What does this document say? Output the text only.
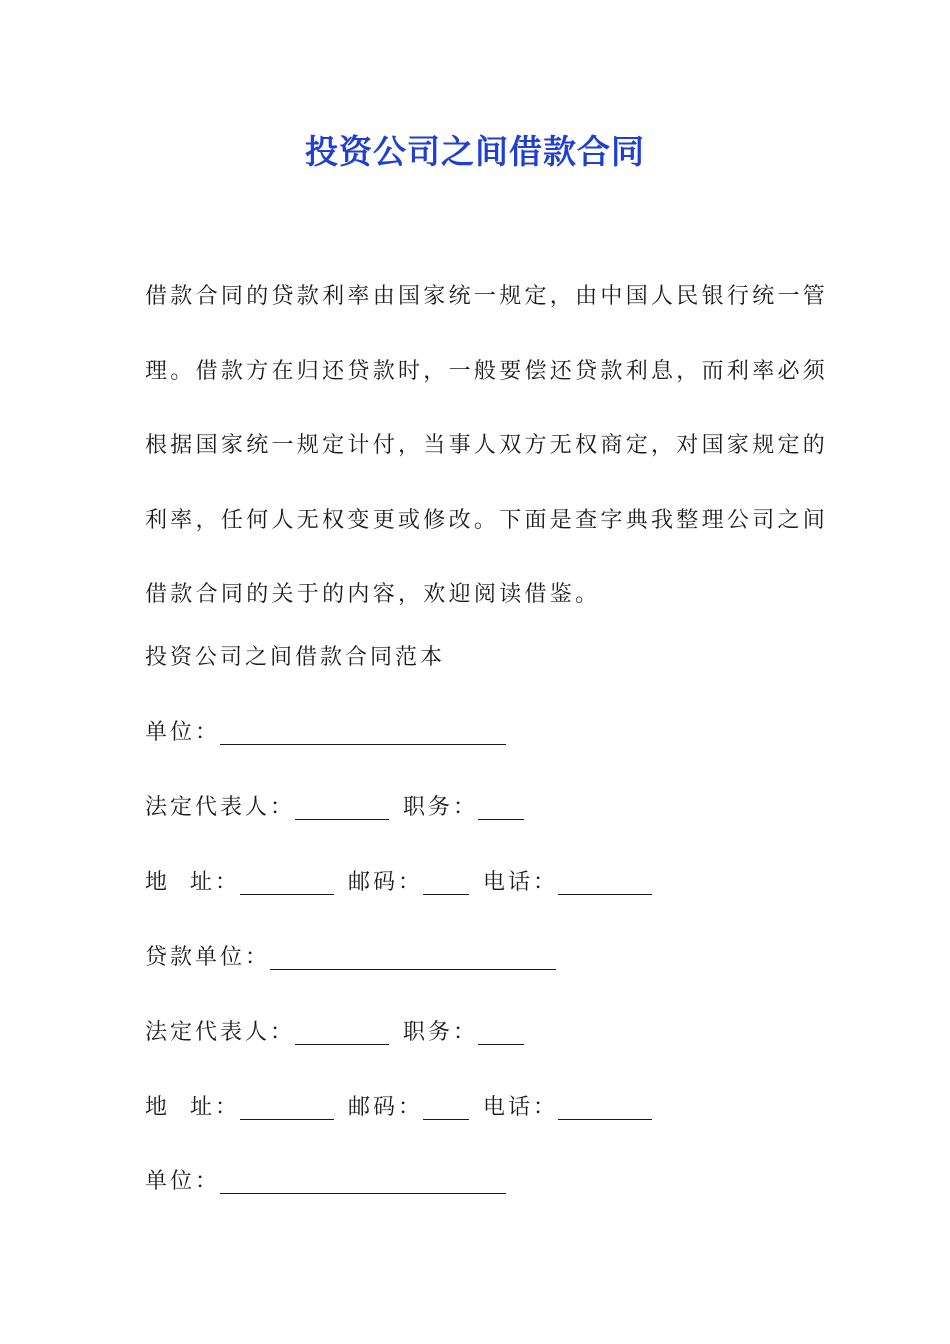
投资公司之间借款合同

借款合同的贷款利率由国家统一规定，由中国人民银行统一管
理。借款方在归还贷款时，一般要偿还贷款利息，而利率必须
根据国家统一规定计付，当事人双方无权商定，对国家规定的
利率，任何人无权变更或修改。下面是查字典我整理公司之间
借款合同的关于的内容，欢迎阅读借鉴。

投资公司之间借款合同范本
单位：
法定代表人：	职务：
地  址：	邮码：	电话：
贷款单位：
法定代表人：	职务：
地  址：	邮码：	电话：
单位：
